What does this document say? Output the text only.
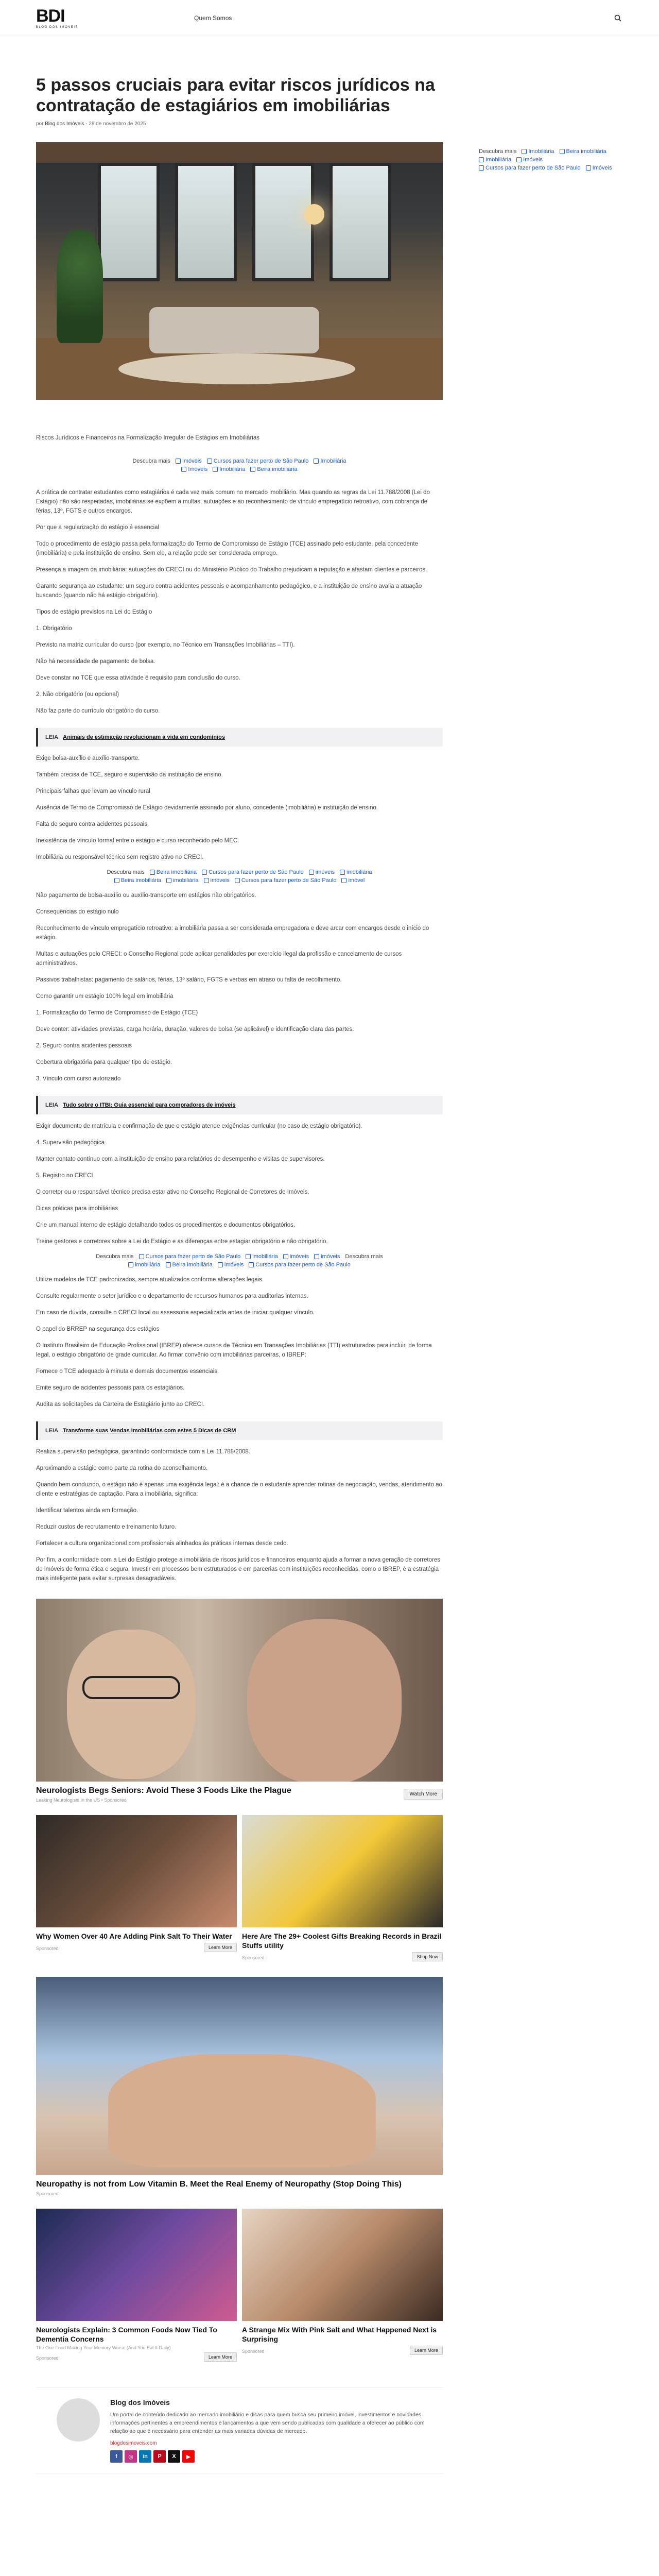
BDI
BLOG DOS IMÓVEIS
Quem Somos
5 passos cruciais para evitar riscos jurídicos na contratação de estagiários em imobiliárias
por Blog dos Imóveis - 28 de novembro de 2025

Riscos Jurídicos e Financeiros na Formalização Irregular de Estágios em Imobiliárias

Descubra mais Imóveis Cursos para fazer perto de São Paulo Imobiliária
Imóveis Imobiliária Beira imobiliária

A prática de contratar estudantes como estagiários é cada vez mais comum no mercado imobiliário. Mas quando as regras da Lei 11.788/2008 (Lei do Estágio) não são respeitadas, imobiliárias se expõem a multas, autuações e ao reconhecimento de vínculo empregatício retroativo, com cobrança de férias, 13º, FGTS e outros encargos.

Por que a regularização do estágio é essencial

Todo o procedimento de estágio passa pela formalização do Termo de Compromisso de Estágio (TCE) assinado pelo estudante, pela concedente (imobiliária) e pela instituição de ensino. Sem ele, a relação pode ser considerada emprego.

Presença a imagem da imobiliária: autuações do CRECI ou do Ministério Público do Trabalho prejudicam a reputação e afastam clientes e parceiros.

Garante segurança ao estudante: um seguro contra acidentes pessoais e acompanhamento pedagógico, e a instituição de ensino avalia a atuação buscando (quando não há estágio obrigatório).

Tipos de estágio previstos na Lei do Estágio

1. Obrigatório

Previsto na matriz curricular do curso (por exemplo, no Técnico em Transações Imobiliárias – TTI).

Não há necessidade de pagamento de bolsa.

Deve constar no TCE que essa atividade é requisito para conclusão do curso.

2. Não obrigatório (ou opcional)

Não faz parte do currículo obrigatório do curso.

LEIA Animais de estimação revolucionam a vida em condomínios

Exige bolsa-auxílio e auxílio-transporte.

Também precisa de TCE, seguro e supervisão da instituição de ensino.

Principais falhas que levam ao vínculo rural

Ausência de Termo de Compromisso de Estágio devidamente assinado por aluno, concedente (imobiliária) e instituição de ensino.

Falta de seguro contra acidentes pessoais.

Inexistência de vínculo formal entre o estágio e curso reconhecido pelo MEC.

Imobiliária ou responsável técnico sem registro ativo no CRECI.

Descubra mais Beira imobiliária Cursos para fazer perto de São Paulo imóveis imobiliária
Beira imobiliária imobiliária imóveis Cursos para fazer perto de São Paulo imóvel

Não pagamento de bolsa-auxílio ou auxílio-transporte em estágios não obrigatórios.

Consequências do estágio nulo

Reconhecimento de vínculo empregatício retroativo: a imobiliária passa a ser considerada empregadora e deve arcar com encargos desde o início do estágio.

Multas e autuações pelo CRECI: o Conselho Regional pode aplicar penalidades por exercício ilegal da profissão e cancelamento de cursos administrativos.

Passivos trabalhistas: pagamento de salários, férias, 13º salário, FGTS e verbas em atraso ou falta de recolhimento.

Como garantir um estágio 100% legal em imobiliária

1. Formalização do Termo de Compromisso de Estágio (TCE)

Deve conter: atividades previstas, carga horária, duração, valores de bolsa (se aplicável) e identificação clara das partes.

2. Seguro contra acidentes pessoais

Cobertura obrigatória para qualquer tipo de estágio.

3. Vínculo com curso autorizado

LEIA Tudo sobre o ITBI: Guia essencial para compradores de imóveis

Exigir documento de matrícula e confirmação de que o estágio atende exigências curricular (no caso de estágio obrigatório).

4. Supervisão pedagógica

Manter contato contínuo com a instituição de ensino para relatórios de desempenho e visitas de supervisores.

5. Registro no CRECI

O corretor ou o responsável técnico precisa estar ativo no Conselho Regional de Corretores de Imóveis.

Dicas práticas para imobiliárias

Crie um manual interno de estágio detalhando todos os procedimentos e documentos obrigatórios.

Treine gestores e corretores sobre a Lei do Estágio e as diferenças entre estagiar obrigatório e não obrigatório.

Descubra mais Cursos para fazer perto de São Paulo imobiliária imóveis imóveis Descubra mais
imobiliária Beira imobiliária imóveis Cursos para fazer perto de São Paulo

Utilize modelos de TCE padronizados, sempre atualizados conforme alterações legais.

Consulte regularmente o setor jurídico e o departamento de recursos humanos para auditorias internas.

Em caso de dúvida, consulte o CRECI local ou assessoria especializada antes de iniciar qualquer vínculo.

O papel do BRREP na segurança dos estágios

O Instituto Brasileiro de Educação Profissional (IBREP) oferece cursos de Técnico em Transações Imobiliárias (TTI) estruturados para incluir, de forma legal, o estágio obrigatório de grade curricular. Ao firmar convênio com imobiliárias parceiras, o IBREP:

Fornece o TCE adequado à minuta e demais documentos essenciais.

Emite seguro de acidentes pessoais para os estagiários.

Audita as solicitações da Carteira de Estagiário junto ao CRECI.

LEIA Transforme suas Vendas Imobiliárias com estes 5 Dicas de CRM

Realiza supervisão pedagógica, garantindo conformidade com a Lei 11.788/2008.

Aproximando a estágio como parte da rotina do aconselhamento.

Quando bem conduzido, o estágio não é apenas uma exigência legal: é a chance de o estudante aprender rotinas de negociação, vendas, atendimento ao cliente e estratégias de captação. Para a imobiliária, significa:

Identificar talentos ainda em formação.

Reduzir custos de recrutamento e treinamento futuro.

Fortalecer a cultura organizacional com profissionais alinhados às práticas internas desde cedo.

Por fim, a conformidade com a Lei do Estágio protege a imobiliária de riscos jurídicos e financeiros enquanto ajuda a formar a nova geração de corretores de imóveis de forma ética e segura. Investir em processos bem estruturados e em parcerias com instituições reconhecidas, como o IBREP, é a estratégia mais inteligente para evitar surpresas desagradáveis.

Neurologists Begs Seniors: Avoid These 3 Foods Like the Plague
Leaking Neurologists In the US • Sponsored
Watch More
Why Women Over 40 Are Adding Pink Salt To Their Water
Sponsored	Learn More
Here Are The 29+ Coolest Gifts Breaking Records in Brazil Stuffs utility
Sponsored	Shop Now
Neuropathy is not from Low Vitamin B. Meet the Real Enemy of Neuropathy (Stop Doing This)
Sponsored
Neurologists Explain: 3 Common Foods Now Tied To Dementia Concerns
The One Food Making Your Memory Worse (And You Eat It Daily)
Sponsored	Learn More
A Strange Mix With Pink Salt and What Happened Next is Surprising
Sponsored	Learn More
Blog dos Imóveis
Um portal de conteúdo dedicado ao mercado imobiliário e dicas para quem busca seu primeiro imóvel, investimentos e novidades informações pertinentes a empreendimentos e lançamentos a que vem sendo publicadas com qualidade a oferecer ao público com relação ao que é necessário para entender as mais variadas dúvidas de mercado.
blogdosimoveis.com
f	◎	in	P	X	▶
Descubra mais Imobiliária Beira imobiliária
Imobiliária Imóveis
Cursos para fazer perto de São Paulo Imóveis
